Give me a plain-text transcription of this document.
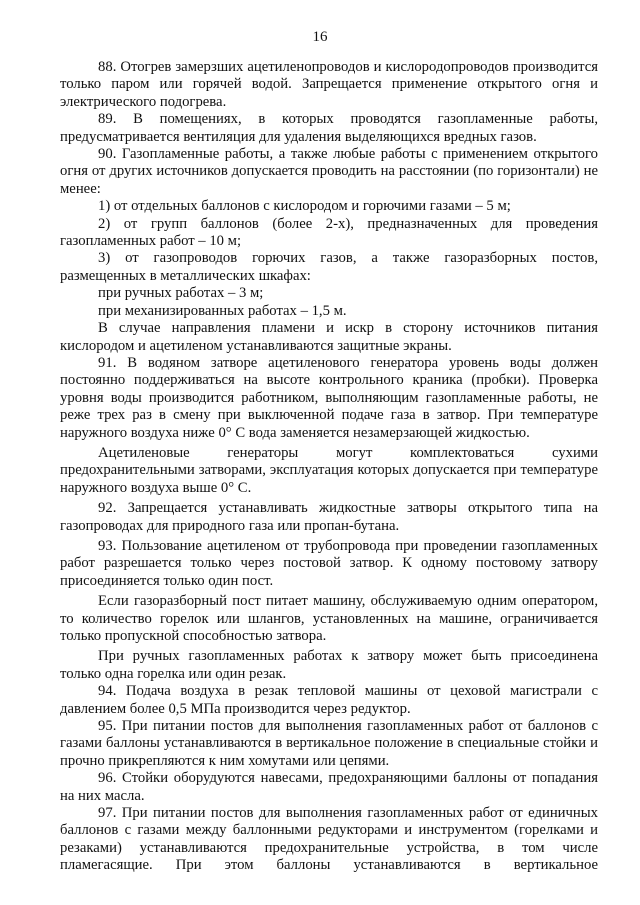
16

88. Отогрев замерзших ацетиленопроводов и кислородопроводов производится только паром или горячей водой. Запрещается применение открытого огня и электрического подогрева.

89. В помещениях, в которых проводятся газопламенные работы, предусматривается вентиляция для удаления выделяющихся вредных газов.

90. Газопламенные работы, а также любые работы с применением открытого огня от других источников допускается проводить на расстоянии (по горизонтали) не менее:

1) от отдельных баллонов с кислородом и горючими газами – 5 м;

2) от групп баллонов (более 2-х), предназначенных для проведения газопламенных работ – 10 м;

3) от газопроводов горючих газов, а также газоразборных постов, размещенных в металлических шкафах:

при ручных работах – 3 м;

при механизированных работах – 1,5 м.

В случае направления пламени и искр в сторону источников питания кислородом и ацетиленом устанавливаются защитные экраны.

91. В водяном затворе ацетиленового генератора уровень воды должен постоянно поддерживаться на высоте контрольного краника (пробки). Проверка уровня воды производится работником, выполняющим газопламенные работы, не реже трех раз в смену при выключенной подаче газа в затвор. При температуре наружного воздуха ниже 0° С вода заменяется незамерзающей жидкостью.

Ацетиленовые генераторы могут комплектоваться сухими предохранительными затворами, эксплуатация которых допускается при температуре наружного воздуха выше 0° С.

92. Запрещается устанавливать жидкостные затворы открытого типа на газопроводах для природного газа или пропан-бутана.

93. Пользование ацетиленом от трубопровода при проведении газопламенных работ разрешается только через постовой затвор. К одному постовому затвору присоединяется только один пост.

Если газоразборный пост питает машину, обслуживаемую одним оператором, то количество горелок или шлангов, установленных на машине, ограничивается только пропускной способностью затвора.

При ручных газопламенных работах к затвору может быть присоединена только одна горелка или один резак.

94. Подача воздуха в резак тепловой машины от цеховой магистрали с давлением более 0,5 МПа производится через редуктор.

95. При питании постов для выполнения газопламенных работ от баллонов с газами баллоны устанавливаются в вертикальное положение в специальные стойки и прочно прикрепляются к ним хомутами или цепями.

96. Стойки оборудуются навесами, предохраняющими баллоны от попадания на них масла.

97. При питании постов для выполнения газопламенных работ от единичных баллонов с газами между баллонными редукторами и инструментом (горелками и резаками) устанавливаются предохранительные устройства, в том числе пламегасящие. При этом баллоны устанавливаются в вертикальное
